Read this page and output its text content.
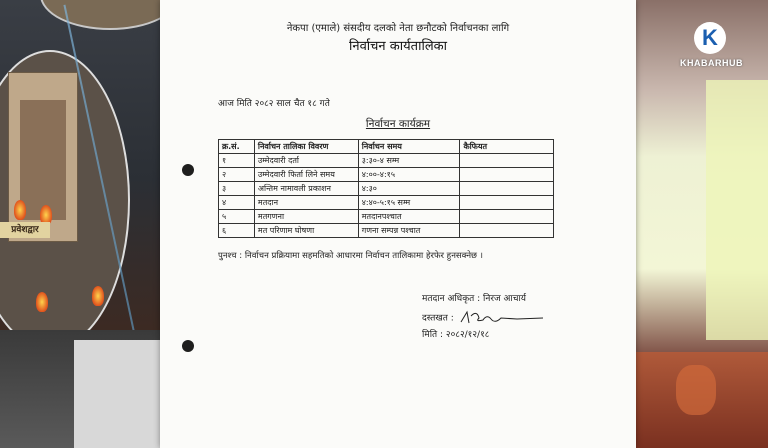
प्रवेशद्वार
K
KHABARHUB
नेकपा (एमाले) संसदीय दलको नेता छनौटको निर्वाचनका लागि
निर्वाचन कार्यतालिका
आज मिति २०८२ साल चैत १८ गते
निर्वाचन कार्यक्रम
क्र.सं.	निर्वाचन तालिका विवरण	निर्वाचन समय	कैफियत
१	उम्मेदवारी दर्ता	३:३०-४ सम्म	
२	उम्मेदवारी फिर्ता लिने समय	४:००-४:१५	
३	अन्तिम नामावली प्रकाशन	४:३०	
४	मतदान	४:४०-५:१५ सम्म	
५	मतगणना	मतदानपश्चात	
६	मत परिणाम घोषणा	गणना सम्पन्न पश्चात	
पुनश्च : निर्वाचन प्रक्रियामा सहमतिको आधारमा निर्वाचन तालिकामा हेरफेर हुनसक्नेछ ।
मतदान अधिकृत : निरज आचार्य
दस्तखत :
मिति : २०८२/१२/१८
